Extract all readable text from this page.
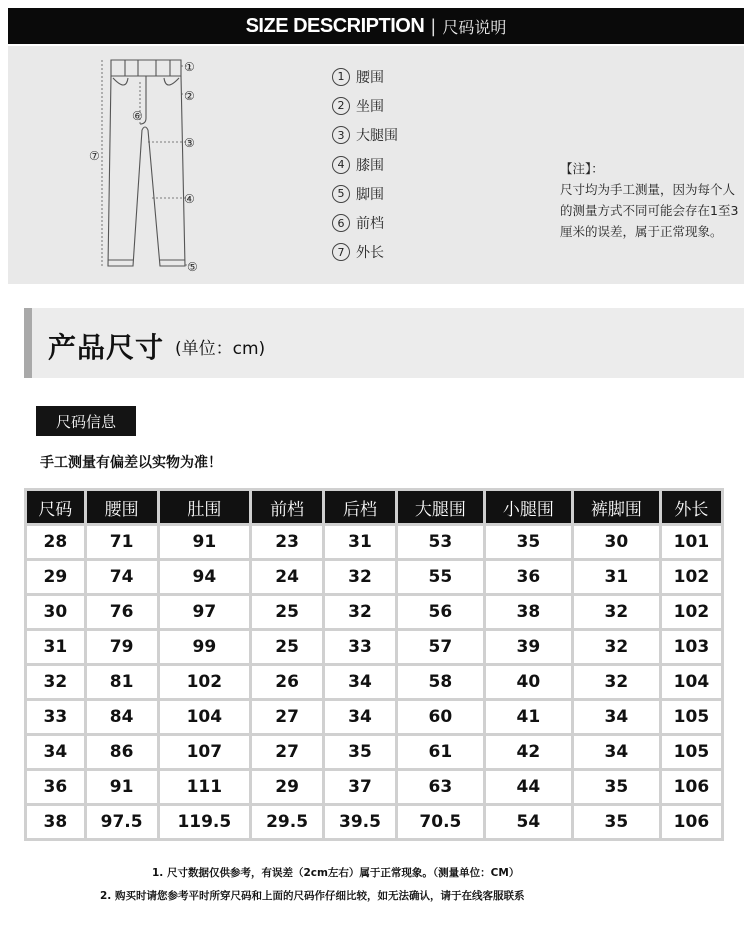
SIZE DESCRIPTION | 尺码说明
①
②
③
④
⑤
⑥
⑦
1 腰围
2 坐围
3 大腿围
4 膝围
5 脚围
6 前档
7 外长
【注】：
尺寸均为手工测量，因为每个人的测量方式不同可能会存在1至3厘米的误差，属于正常现象。
产品尺寸 (单位：cm)
尺码信息
手工测量有偏差以实物为准！
尺码	腰围	肚围	前档	后档	大腿围	小腿围	裤脚围	外长
28	71	91	23	31	53	35	30	101
29	74	94	24	32	55	36	31	102
30	76	97	25	32	56	38	32	102
31	79	99	25	33	57	39	32	103
32	81	102	26	34	58	40	32	104
33	84	104	27	34	60	41	34	105
34	86	107	27	35	61	42	34	105
36	91	111	29	37	63	44	35	106
38	97.5	119.5	29.5	39.5	70.5	54	35	106
1. 尺寸数据仅供参考，有误差（2cm左右）属于正常现象。（测量单位：CM）
2. 购买时请您参考平时所穿尺码和上面的尺码作仔细比较，如无法确认，请于在线客服联系
